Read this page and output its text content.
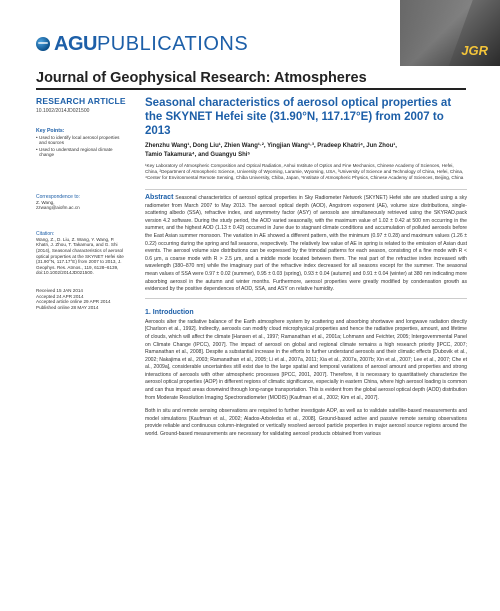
AGU PUBLICATIONS	JGR
Journal of Geophysical Research: Atmospheres
RESEARCH ARTICLE
10.1002/2014JD021500
Key Points:
• Used to identify local aerosol properties and sources
• Used to understand regional climate change
Correspondence to:
Z. Wang,
zzwang@aiofm.ac.cn
Citation:
Wang, Z., D. Liu, Z. Wang, Y. Wang, P. Khatri, J. Zhou, T. Takamura, and G. Shi (2014), Seasonal characteristics of aerosol optical properties at the SKYNET Hefei site (31.90°N, 117.17°E) from 2007 to 2013, J. Geophys. Res. Atmos., 119, 6128–6139, doi:10.1002/2014JD021500.
Received 15 JAN 2014
Accepted 24 APR 2014
Accepted article online 29 APR 2014
Published online 28 MAY 2014
Seasonal characteristics of aerosol optical properties at the SKYNET Hefei site (31.90°N, 117.17°E) from 2007 to 2013
Zhenzhu Wang¹, Dong Liu¹, Zhien Wang¹·², Yingjian Wang¹·³, Pradeep Khatri⁴, Jun Zhou¹,
Tamio Takamura⁴, and Guangyu Shi⁵
¹Key Laboratory of Atmospheric Composition and Optical Radiation, Anhui Institute of Optics and Fine Mechanics, Chinese Academy of Sciences, Hefei, China, ²Department of Atmospheric Science, University of Wyoming, Laramie, Wyoming, USA, ³University of Science and Technology of China, Hefei, China, ⁴Center for Environmental Remote Sensing, Chiba University, Chiba, Japan, ⁵Institute of Atmospheric Physics, Chinese Academy of Sciences, Beijing, China
Abstract Seasonal characteristics of aerosol optical properties in Sky Radiometer Network (SKYNET) Hefei site are studied using a sky radiometer from March 2007 to May 2013. The aerosol optical depth (AOD), Angstrom exponent (AE), volume size distributions, single-scattering albedo (SSA), refractive index, and asymmetry factor (ASY) of aerosols are simultaneously retrieved using the SKYRAD.pack version 4.2 software. During the study period, the AOD varied seasonally, with the maximum value of 1.02 ± 0.42 at 500 nm occurring in the summer, and the highest AOD (1.13 ± 0.42) occurred in June due to stagnant climate conditions and accumulation of polluted aerosols before the East Asian summer monsoon. The variation in AE showed a different pattern, with the minimum (0.97 ± 0.28) and maximum values (1.26 ± 0.22) occurring during the spring and fall seasons, respectively. The relatively low value of AE in spring is related to the emission of Asian dust events. The aerosol volume size distributions can be expressed by the trimodal patterns for each season, consisting of a fine mode with R < 0.6 μm, a coarse mode with R > 2.5 μm, and a middle mode located between them. The real part of the refractive index increased with wavelength (380–870 nm) while the imaginary part of the refractive index decreased for all seasons except for the summer. The seasonal mean values of SSA were 0.97 ± 0.02 (summer), 0.95 ± 0.03 (spring), 0.93 ± 0.04 (autumn) and 0.91 ± 0.04 (winter) at 380 nm indicating more absorbing aerosol in the autumn and winter months. Furthermore, aerosol properties were greatly modified by condensation growth as evidenced by the positive dependences of AOD, SSA, and ASY on relative humidity.
1. Introduction
Aerosols alter the radiative balance of the Earth atmosphere system by scattering and absorbing shortwave and longwave radiation directly [Charlson et al., 1992]. Indirectly, aerosols can modify cloud microphysical properties and hence the radiative properties, amount, and lifetime of clouds, which will affect the climate [Hansen et al., 1997; Ramanathan et al., 2001a; Lohmann and Feichter, 2005; Intergovernmental Panel on Climate Change (IPCC), 2007]. The impact of aerosol on global and regional climate remains a high research priority [IPCC, 2007; Ramanathan et al., 2008]. Despite a substantial increase in the efforts to further understand aerosols and their climatic effects [Dubovik et al., 2002; Nakajima et al., 2003; Ramanathan et al., 2005; Li et al., 2007a, 2011; Xia et al., 2007a, 2007b; Xin et al., 2007; Lee et al., 2007; Che et al., 2009a], considerable uncertainties still exist due to the large spatial and temporal variations of aerosol amount and properties and strong interactions of aerosols with other atmospheric processes [IPCC, 2001, 2007]. Therefore, it is necessary to quantitatively characterize the aerosol optical properties (AOP) in different regions of climatic significance, especially in eastern China, where high aerosol loading is common and can thus impact areas downwind through long-range transportation. This is evident from the global aerosol optical depth (AOD) distribution from Moderate Resolution Imaging Spectroradiometer (MODIS) [Kaufman et al., 2002; Kim et al., 2007].
Both in situ and remote sensing observations are required to further investigate AOP, as well as to validate satellite-based measurements and model simulations [Kaufman et al., 2002; Alados-Arboledas et al., 2008]. Ground-based active and passive remote sensing observations provide reliable and continuous column-integrated or vertically resolved aerosol particle properties in major aerosol source regions around the world. Ground-based measurements are necessary for validating aerosol products obtained from various
